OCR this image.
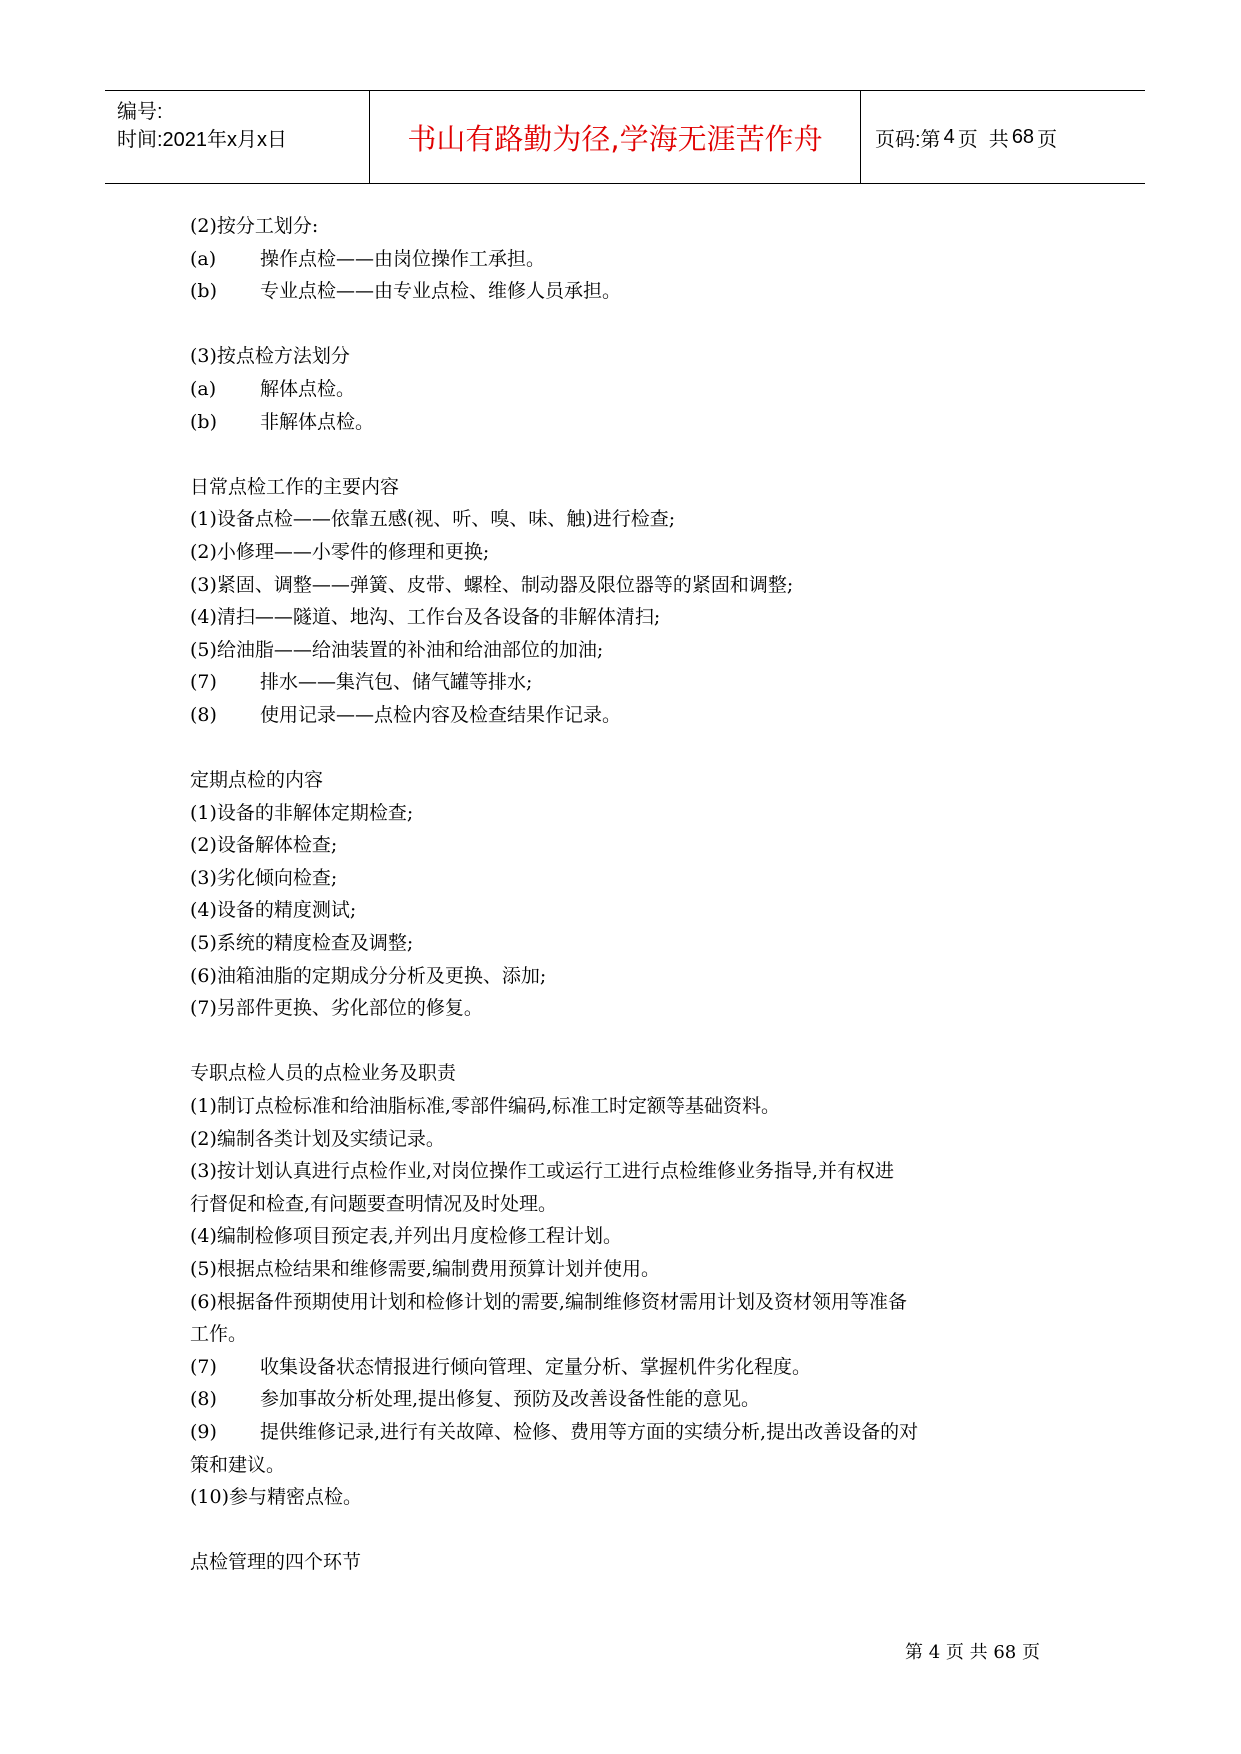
编号:
时间:2021年x月x日	书山有路勤为径,学海无涯苦作舟	页码:第 4 页  共 68 页
(2)按分工划分:
(a) 操作点检——由岗位操作工承担。
(b) 专业点检——由专业点检、维修人员承担。
(3)按点检方法划分
(a) 解体点检。
(b) 非解体点检。
日常点检工作的主要内容
(1)设备点检——依靠五感(视、听、嗅、味、触)进行检查;
(2)小修理——小零件的修理和更换;
(3)紧固、调整——弹簧、皮带、螺栓、制动器及限位器等的紧固和调整;
(4)清扫——隧道、地沟、工作台及各设备的非解体清扫;
(5)给油脂——给油装置的补油和给油部位的加油;
(7) 排水——集汽包、储气罐等排水;
(8) 使用记录——点检内容及检查结果作记录。
定期点检的内容
(1)设备的非解体定期检查;
(2)设备解体检查;
(3)劣化倾向检查;
(4)设备的精度测试;
(5)系统的精度检查及调整;
(6)油箱油脂的定期成分分析及更换、添加;
(7)另部件更换、劣化部位的修复。
专职点检人员的点检业务及职责
(1)制订点检标准和给油脂标准,零部件编码,标准工时定额等基础资料。
(2)编制各类计划及实绩记录。
(3)按计划认真进行点检作业,对岗位操作工或运行工进行点检维修业务指导,并有权进
行督促和检查,有问题要查明情况及时处理。
(4)编制检修项目预定表,并列出月度检修工程计划。
(5)根据点检结果和维修需要,编制费用预算计划并使用。
(6)根据备件预期使用计划和检修计划的需要,编制维修资材需用计划及资材领用等准备
工作。
(7) 收集设备状态情报进行倾向管理、定量分析、掌握机件劣化程度。
(8) 参加事故分析处理,提出修复、预防及改善设备性能的意见。
(9) 提供维修记录,进行有关故障、检修、费用等方面的实绩分析,提出改善设备的对
策和建议。
(10)参与精密点检。
点检管理的四个环节
第 4 页 共 68 页
